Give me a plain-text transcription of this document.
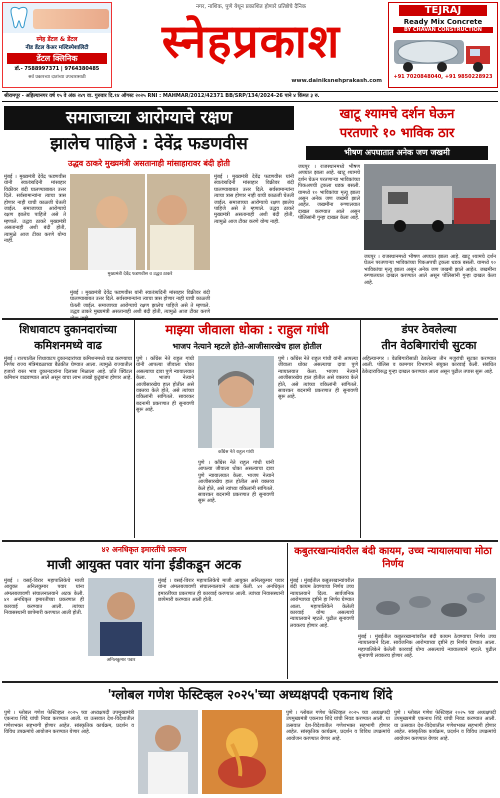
स्नेह डेंटल & डेंटल
नीड डेंटल केअर मल्टिस्पेशालिटी
डेंटल क्लिनिक
डॉ.- 7588997371 | 9764380485
सर्व प्रकारच्या दातांच्या उपचारासाठी
नगर, नाशिक, पुणे येथून प्रकाशित होणारे प्रतिष्ठेचे दैनिक
स्नेहप्रकाश
www.dainiksnehprakash.com
TEJRAJ
Ready Mix Concrete
BY CHAVAN CONSTRUCTION
+91 7020848040, +91 9850228923
श्रीरामपूर - अहिल्यानगर वर्ष १५ वे अंक २४९ वा. गुरुवार दि.१४ ऑगस्ट २०२५ RNI : MAHMAR/2012/42371 BB/SRP/134/2024-26 पाने ४ किंमत ३ रु.
समाजाच्या आरोग्याचे रक्षण
झालेच पाहिजे : देवेंद्र फडणवीस
उद्धव ठाकरे मुख्यमंत्री असतानाही मांसाहारावर बंदी होती
मुंबई । मुख्यमंत्री देवेंद्र फडणवीस यांनी स्वातंत्र्यदिनी मांसाहार विक्रीवर बंदी घालण्याबाबत उत्तर दिले. सर्वसामान्यांना त्याचा त्रास होणार नाही याची काळजी घेतली जाईल. समाजाच्या आरोग्याचे रक्षण झालेच पाहिजे असे ते म्हणाले. उद्धव ठाकरे मुख्यमंत्री असतानाही अशी बंदी होती, त्यामुळे आज टीका करणे योग्य नाही.
मुख्यमंत्री देवेंद्र फडणवीस व उद्धव ठाकरे
मुंबई । मुख्यमंत्री देवेंद्र फडणवीस यांनी स्वातंत्र्यदिनी मांसाहार विक्रीवर बंदी घालण्याबाबत उत्तर दिले. सर्वसामान्यांना त्याचा त्रास होणार नाही याची काळजी घेतली जाईल. समाजाच्या आरोग्याचे रक्षण झालेच पाहिजे असे ते म्हणाले. उद्धव ठाकरे मुख्यमंत्री असतानाही अशी बंदी होती, त्यामुळे आज टीका करणे योग्य नाही.
मुंबई । मुख्यमंत्री देवेंद्र फडणवीस यांनी स्वातंत्र्यदिनी मांसाहार विक्रीवर बंदी घालण्याबाबत उत्तर दिले. सर्वसामान्यांना त्याचा त्रास होणार नाही याची काळजी घेतली जाईल. समाजाच्या आरोग्याचे रक्षण झालेच पाहिजे असे ते म्हणाले. उद्धव ठाकरे मुख्यमंत्री असतानाही अशी बंदी होती, त्यामुळे आज टीका करणे
खाटू श्यामचे दर्शन घेऊन
परतणारे १० भाविक ठार
भीषण अपघातात अनेक जण जखमी
जयपूर । राजस्थानमध्ये भीषण अपघात झाला आहे. खाटू श्यामचे दर्शन घेऊन परतणाऱ्या भाविकांच्या पिकअपची ट्रकला धडक बसली. यामध्ये १० भाविकांचा मृत्यू झाला असून अनेक जण जखमी झाले आहेत. जखमींना रुग्णालयात दाखल करण्यात आले असून पोलिसांनी गुन्हा दाखल केला आहे.
जयपूर । राजस्थानमध्ये भीषण अपघात झाला आहे. खाटू श्यामचे दर्शन घेऊन परतणाऱ्या भाविकांच्या पिकअपची ट्रकला धडक बसली. यामध्ये १० भाविकांचा मृत्यू झाला असून अनेक जण जखमी झाले आहेत. जखमींना रुग्णालयात दाखल करण्यात आले असून पोलिसांनी गुन्हा दाखल केला आहे.
शिधावाटप दुकानदारांच्या
कमिशनमध्ये वाढ
मुंबई । राज्यातील शिधावाटप दुकानदारांच्या कमिशनमध्ये वाढ करण्याचा निर्णय राज्य मंत्रिमंडळाच्या बैठकीत घेण्यात आला. त्यामुळे राज्यातील हजारो रास्त भाव दुकानदारांना दिलासा मिळाला आहे. प्रति क्विंटल कमिशन वाढवण्यात आले असून याचा लाभ लाखो कुटुंबांना होणार आहे.
माझ्या जीवाला धोका : राहुल गांधी
भाजप नेत्याने म्हटले होते-आजीसारखेच हाल होतील
पुणे । काँग्रेस नेते राहुल गांधी यांनी आपल्या जीवाला धोका असल्याचा दावा पुणे न्यायालयात केला. भाजप नेत्याने आजीसारखेच हाल होतील असे वक्तव्य केले होते, असे त्यांच्या वकिलांनी सांगितले. सावरकर बदनामी प्रकरणात ही सुनावणी सुरू आहे.
काँग्रेस नेते राहुल गांधी
पुणे । काँग्रेस नेते राहुल गांधी यांनी आपल्या जीवाला धोका असल्याचा दावा पुणे न्यायालयात केला. भाजप नेत्याने आजीसारखेच हाल होतील असे वक्तव्य केले होते, असे त्यांच्या वकिलांनी सांगितले. सावरकर बदनामी प्रकरणात ही सुनावणी सुरू आहे.
पुणे । काँग्रेस नेते राहुल गांधी यांनी आपल्या जीवाला धोका असल्याचा दावा पुणे न्यायालयात केला. भाजप नेत्याने आजीसारखेच हाल होतील असे वक्तव्य केले होते, असे त्यांच्या वकिलांनी सांगितले. सावरकर बदनामी प्रकरणात ही सुनावणी सुरू आहे.
डंपर ठेवलेल्या
तीन वेठबिगारांची सुटका
अहिल्यानगर । वेठबिगारीसाठी ठेवलेल्या तीन मजुरांची सुटका करण्यात आली. पोलिस व कामगार विभागाने संयुक्त कारवाई केली. संबंधित ठेकेदाराविरुद्ध गुन्हा दाखल करण्यात आला असून पुढील तपास सुरू आहे.
४२ अनधिकृत इमारतींचे प्रकरण
माजी आयुक्त पवार यांना ईडीकडून अटक
मुंबई । वसई-विरार महापालिकेचे माजी आयुक्त अनिलकुमार पवार यांना अंमलबजावणी संचालनालयाने अटक केली. ४२ अनधिकृत इमारतींच्या प्रकरणात ही कारवाई करण्यात आली. त्यांच्या निवासस्थानी छापेमारी करण्यात आली होती.
अनिलकुमार पवार
मुंबई । वसई-विरार महापालिकेचे माजी आयुक्त अनिलकुमार पवार यांना अंमलबजावणी संचालनालयाने अटक केली. ४२ अनधिकृत इमारतींच्या प्रकरणात ही कारवाई करण्यात आली. त्यांच्या निवासस्थानी छापेमारी करण्यात आली होती.
कबुतरखान्यांवरील बंदी कायम, उच्च न्यायालयाचा मोठा निर्णय
मुंबई । मुंबईतील कबुतरखान्यांवरील बंदी कायम ठेवण्याचा निर्णय उच्च न्यायालयाने दिला. सार्वजनिक आरोग्याच्या दृष्टीने हा निर्णय घेण्यात आला. महापालिकेने केलेली कारवाई योग्य असल्याचे न्यायालयाने म्हटले. पुढील सुनावणी लवकरच होणार आहे.
मुंबई । मुंबईतील कबुतरखान्यांवरील बंदी कायम ठेवण्याचा निर्णय उच्च न्यायालयाने दिला. सार्वजनिक आरोग्याच्या दृष्टीने हा निर्णय घेण्यात आला. महापालिकेने केलेली कारवाई योग्य असल्याचे न्यायालयाने म्हटले. पुढील सुनावणी लवकरच होणार आहे.
'ग्लोबल गणेश फेस्टिव्हल २०२५'च्या अध्यक्षपदी एकनाथ शिंदे
पुणे । ग्लोबल गणेश फेस्टिव्हल २०२५ च्या अध्यक्षपदी उपमुख्यमंत्री एकनाथ शिंदे यांची निवड करण्यात आली. या उत्सवात देश-विदेशातील गणेशभक्त सहभागी होणार आहेत. सांस्कृतिक कार्यक्रम, प्रदर्शन व विविध उपक्रमांचे आयोजन करण्यात येणार आहे.
पुणे । ग्लोबल गणेश फेस्टिव्हल २०२५ च्या अध्यक्षपदी उपमुख्यमंत्री एकनाथ शिंदे यांची निवड करण्यात आली. या उत्सवात देश-विदेशातील गणेशभक्त सहभागी होणार आहेत. सांस्कृतिक कार्यक्रम, प्रदर्शन व विविध उपक्रमांचे आयोजन करण्यात येणार आहे.
पुणे । ग्लोबल गणेश फेस्टिव्हल २०२५ च्या अध्यक्षपदी उपमुख्यमंत्री एकनाथ शिंदे यांची निवड करण्यात आली. या उत्सवात देश-विदेशातील गणेशभक्त सहभागी होणार आहेत. सांस्कृतिक कार्यक्रम, प्रदर्शन व विविध उपक्रमांचे आयोजन करण्यात येणार आहे.
